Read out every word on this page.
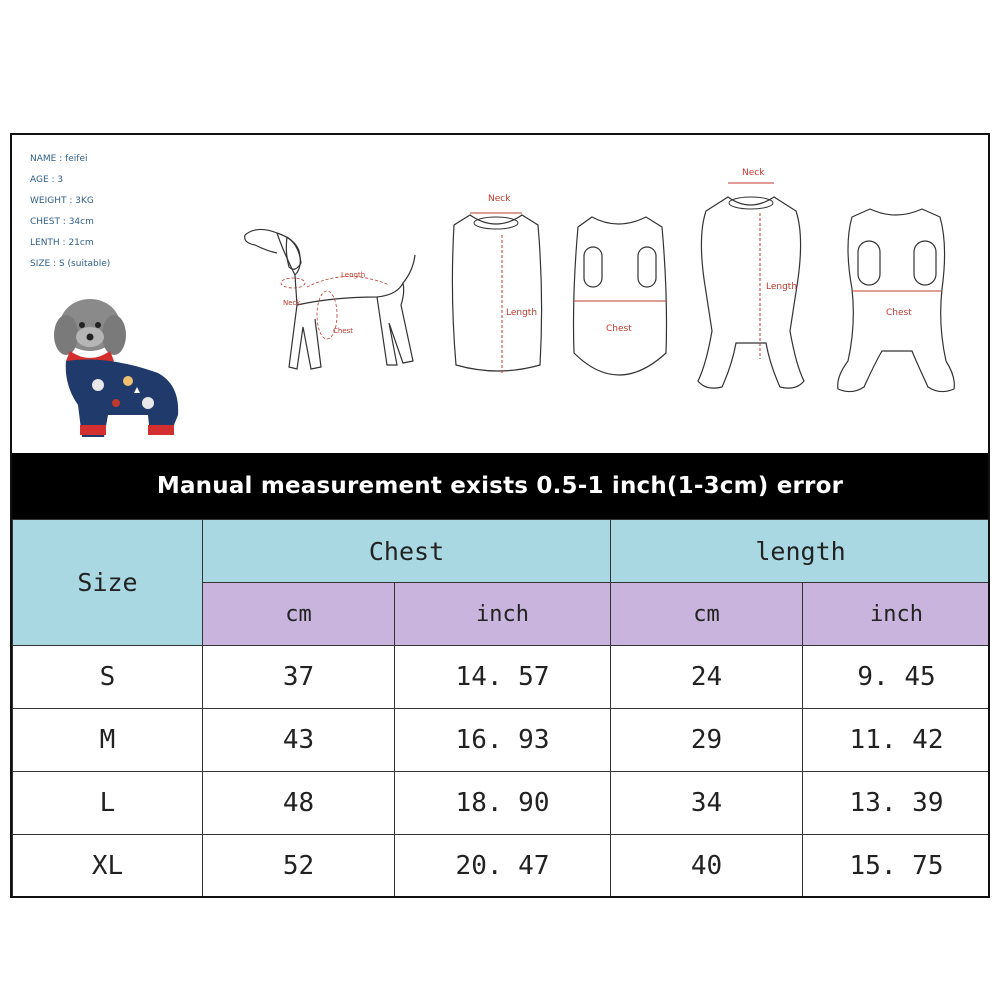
NAME : feifei
AGE : 3
WEIGHT : 3KG
CHEST : 34cm
LENTH : 21cm
SIZE : S (suitable)
Length
Neck
Chest
Neck
Length
Chest
Neck
Length
Chest
Manual measurement exists 0.5-1 inch(1-3cm) error
Size	Chest		length	
	cm	inch	cm	inch
S	37	14. 57	24	9. 45
M	43	16. 93	29	11. 42
L	48	18. 90	34	13. 39
XL	52	20. 47	40	15. 75
